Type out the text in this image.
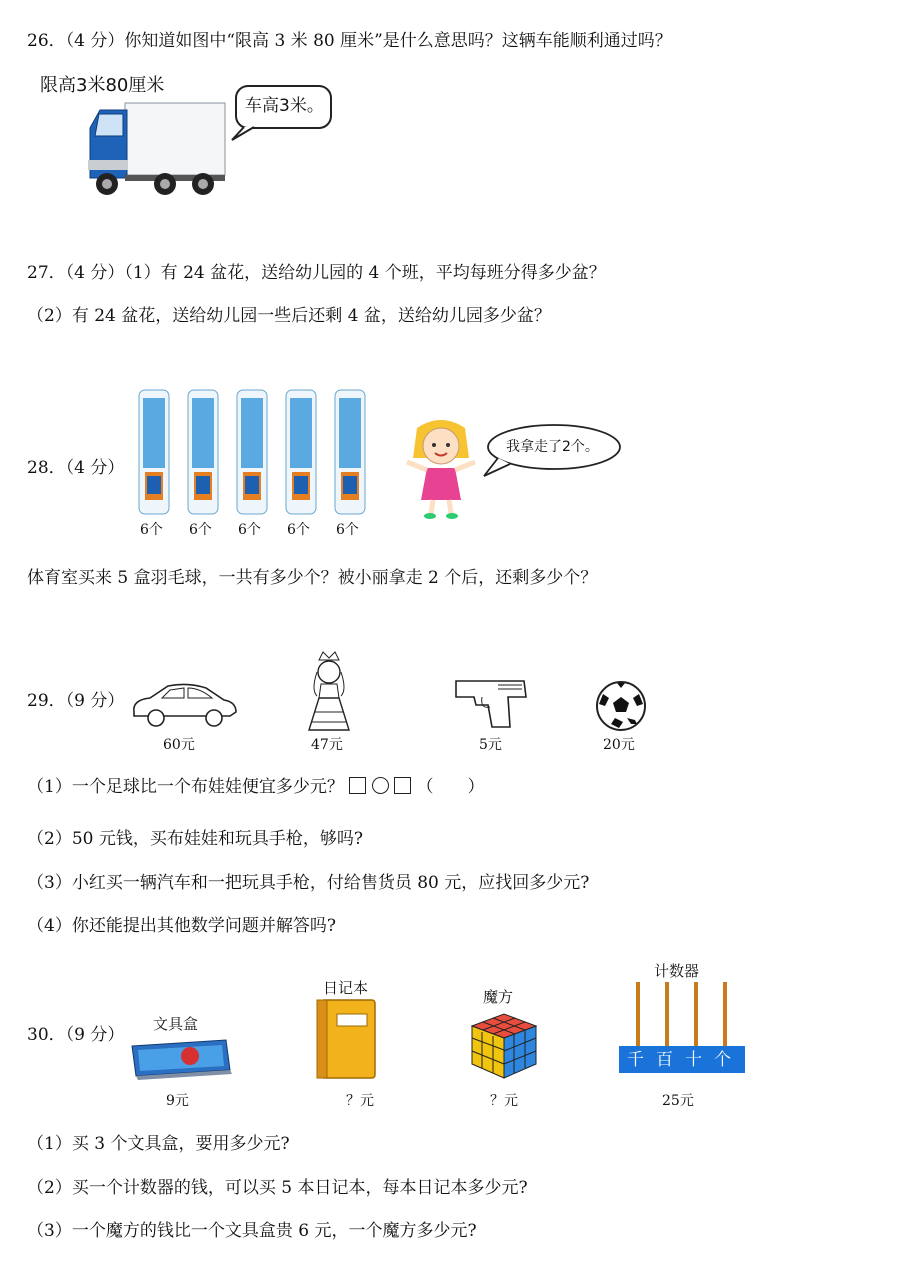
26．（4 分）你知道如图中“限高 3 米 80 厘米”是什么意思吗？这辆车能顺利通过吗？
限高3米80厘米
车高3米。
27．（4 分）（1）有 24 盆花，送给幼儿园的 4 个班，平均每班分得多少盆？
（2）有 24 盆花，送给幼儿园一些后还剩 4 盆，送给幼儿园多少盆？
28．（4 分）
6个 6个 6个 6个 6个
我拿走了2个。
体育室买来 5 盒羽毛球，一共有多少个？被小丽拿走 2 个后，还剩多少个？
29．（9 分）
60元	47元	5元	20元
（1）一个足球比一个布娃娃便宜多少元？	（　　）
（2）50 元钱，买布娃娃和玩具手枪，够吗?
（3）小红买一辆汽车和一把玩具手枪，付给售货员 80 元，应找回多少元?
（4）你还能提出其他数学问题并解答吗?
30．（9 分）
文具盒
9元
日记本
？元
魔方
？元
计数器
千 百 十 个
25元
（1）买 3 个文具盒，要用多少元?
（2）买一个计数器的钱，可以买 5 本日记本，每本日记本多少元?
（3）一个魔方的钱比一个文具盒贵 6 元，一个魔方多少元?
